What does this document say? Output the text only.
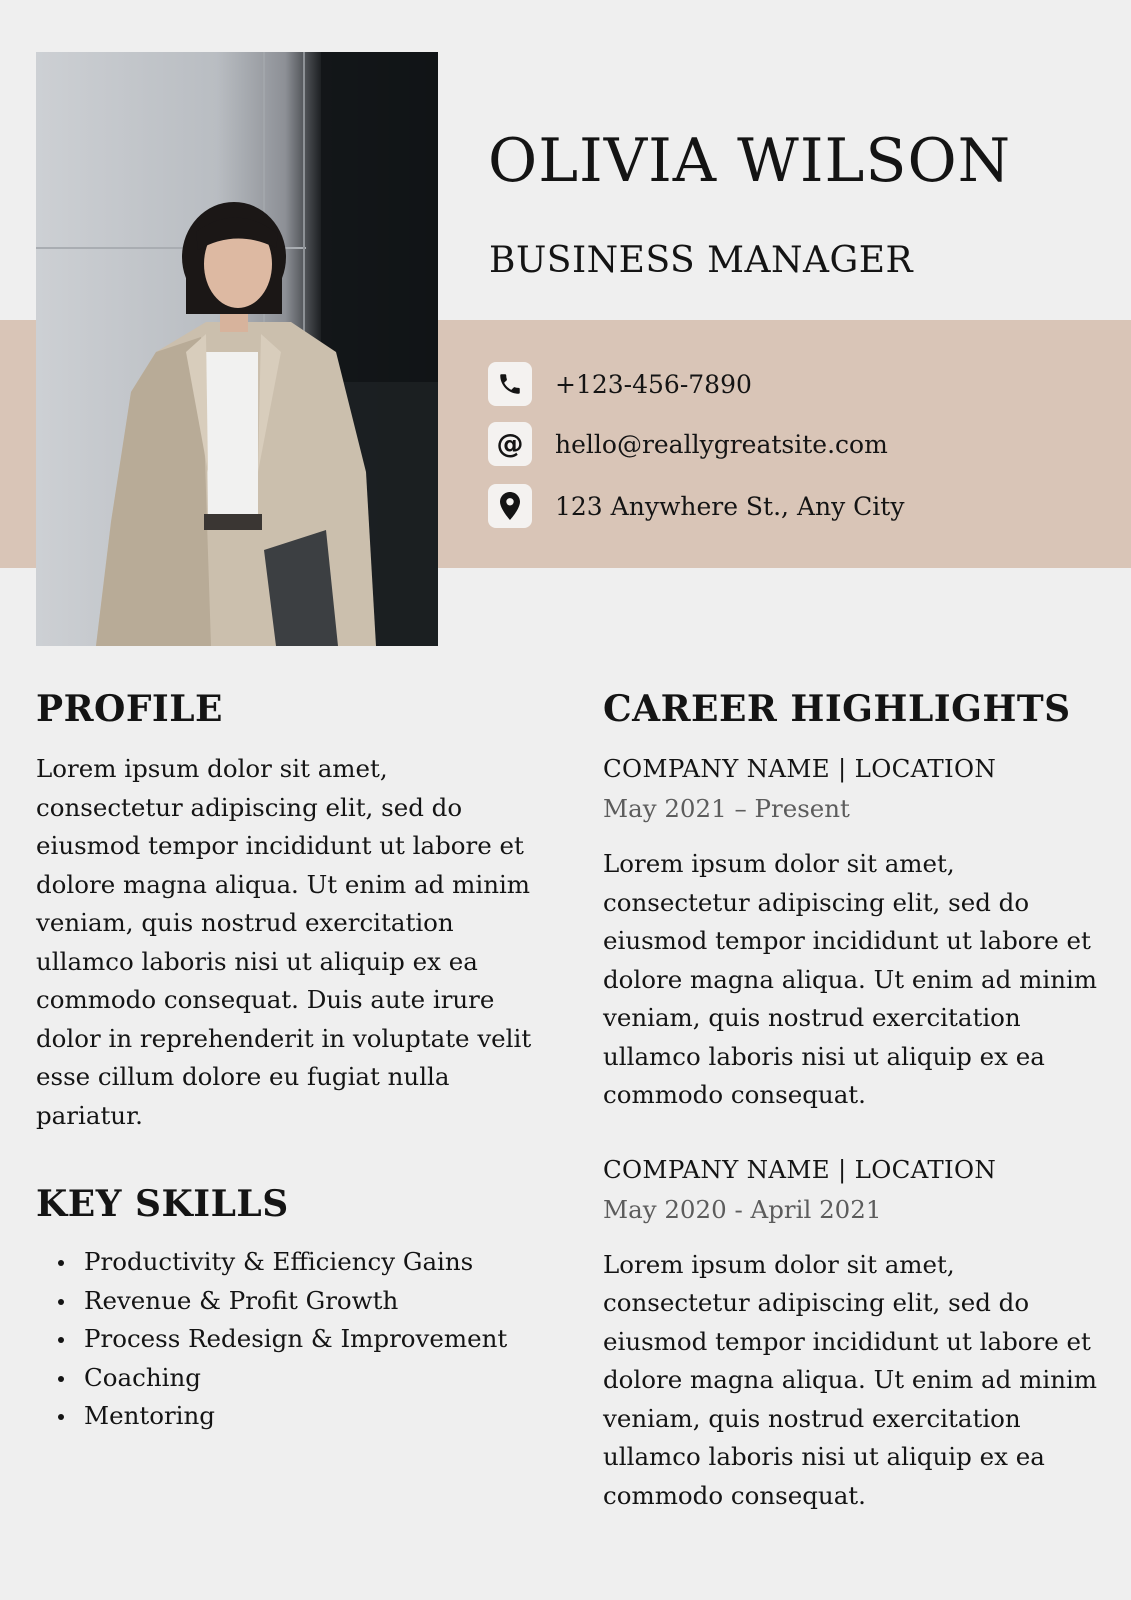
OLIVIA WILSON
BUSINESS MANAGER
+123-456-7890
@ hello@reallygreatsite.com
123 Anywhere St., Any City
PROFILE

Lorem ipsum dolor sit amet, consectetur adipiscing elit, sed do eiusmod tempor incididunt ut labore et dolore magna aliqua. Ut enim ad minim veniam, quis nostrud exercitation ullamco laboris nisi ut aliquip ex ea commodo consequat. Duis aute irure dolor in reprehenderit in voluptate velit esse cillum dolore eu fugiat nulla pariatur.

KEY SKILLS
Productivity & Efficiency Gains
Revenue & Profit Growth
Process Redesign & Improvement
Coaching
Mentoring
CAREER HIGHLIGHTS

COMPANY NAME | LOCATION

May 2021 – Present

Lorem ipsum dolor sit amet, consectetur adipiscing elit, sed do eiusmod tempor incididunt ut labore et dolore magna aliqua. Ut enim ad minim veniam, quis nostrud exercitation ullamco laboris nisi ut aliquip ex ea commodo consequat.

COMPANY NAME | LOCATION

May 2020 - April 2021

Lorem ipsum dolor sit amet, consectetur adipiscing elit, sed do eiusmod tempor incididunt ut labore et dolore magna aliqua. Ut enim ad minim veniam, quis nostrud exercitation ullamco laboris nisi ut aliquip ex ea commodo consequat.
